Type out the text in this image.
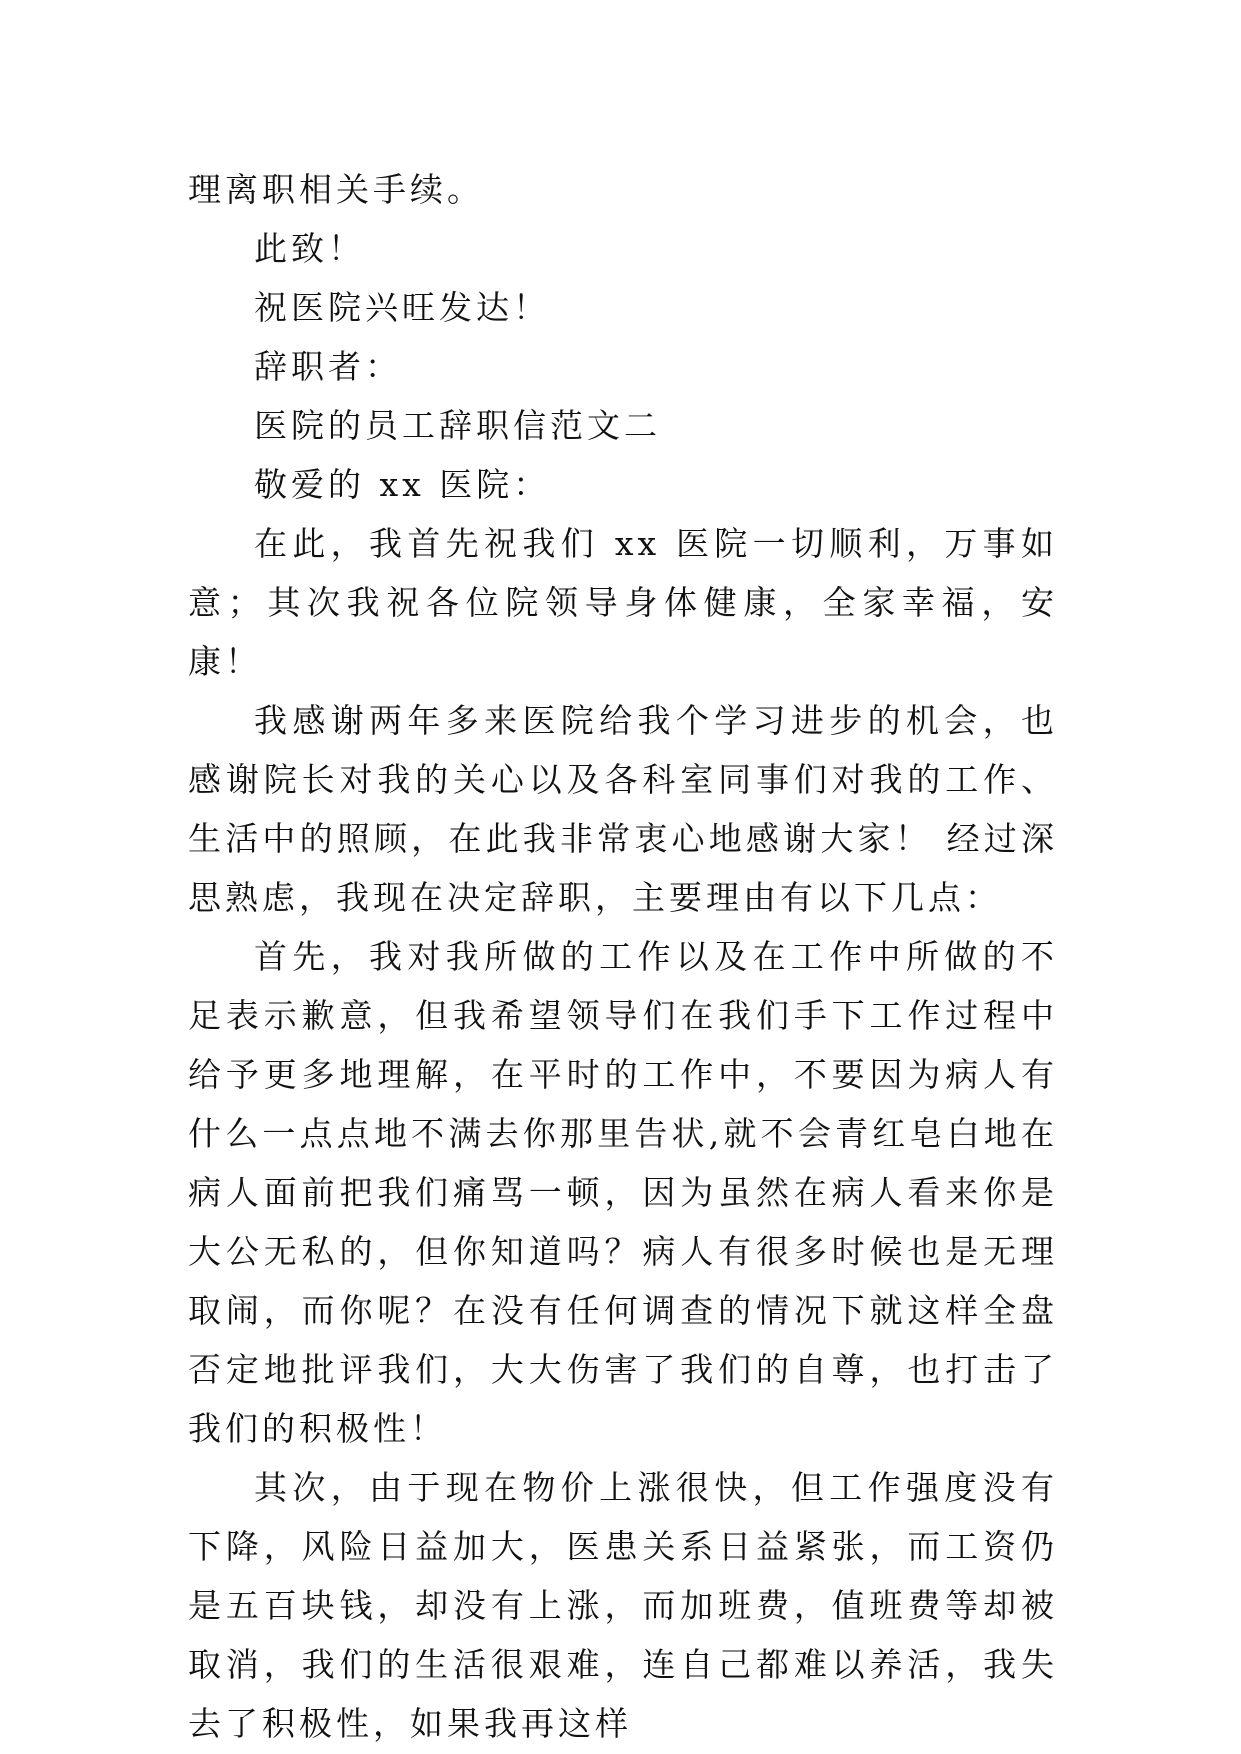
理离职相关手续。

此致！

祝医院兴旺发达！

辞职者：

医院的员工辞职信范文二

敬爱的 xx 医院：

在此，我首先祝我们 xx 医院一切顺利，万事如意；其次我祝各位院领导身体健康，全家幸福，安康！

我感谢两年多来医院给我个学习进步的机会，也感谢院长对我的关心以及各科室同事们对我的工作、生活中的照顾，在此我非常衷心地感谢大家！ 经过深思熟虑，我现在决定辞职，主要理由有以下几点：

首先，我对我所做的工作以及在工作中所做的不足表示歉意，但我希望领导们在我们手下工作过程中给予更多地理解，在平时的工作中，不要因为病人有什么一点点地不满去你那里告状,就不会青红皂白地在病人面前把我们痛骂一顿，因为虽然在病人看来你是大公无私的，但你知道吗？病人有很多时候也是无理取闹，而你呢？在没有任何调查的情况下就这样全盘否定地批评我们，大大伤害了我们的自尊，也打击了我们的积极性！

其次，由于现在物价上涨很快，但工作强度没有下降，风险日益加大，医患关系日益紧张，而工资仍是五百块钱，却没有上涨，而加班费，值班费等却被取消，我们的生活很艰难，连自己都难以养活，我失去了积极性，如果我再这样
